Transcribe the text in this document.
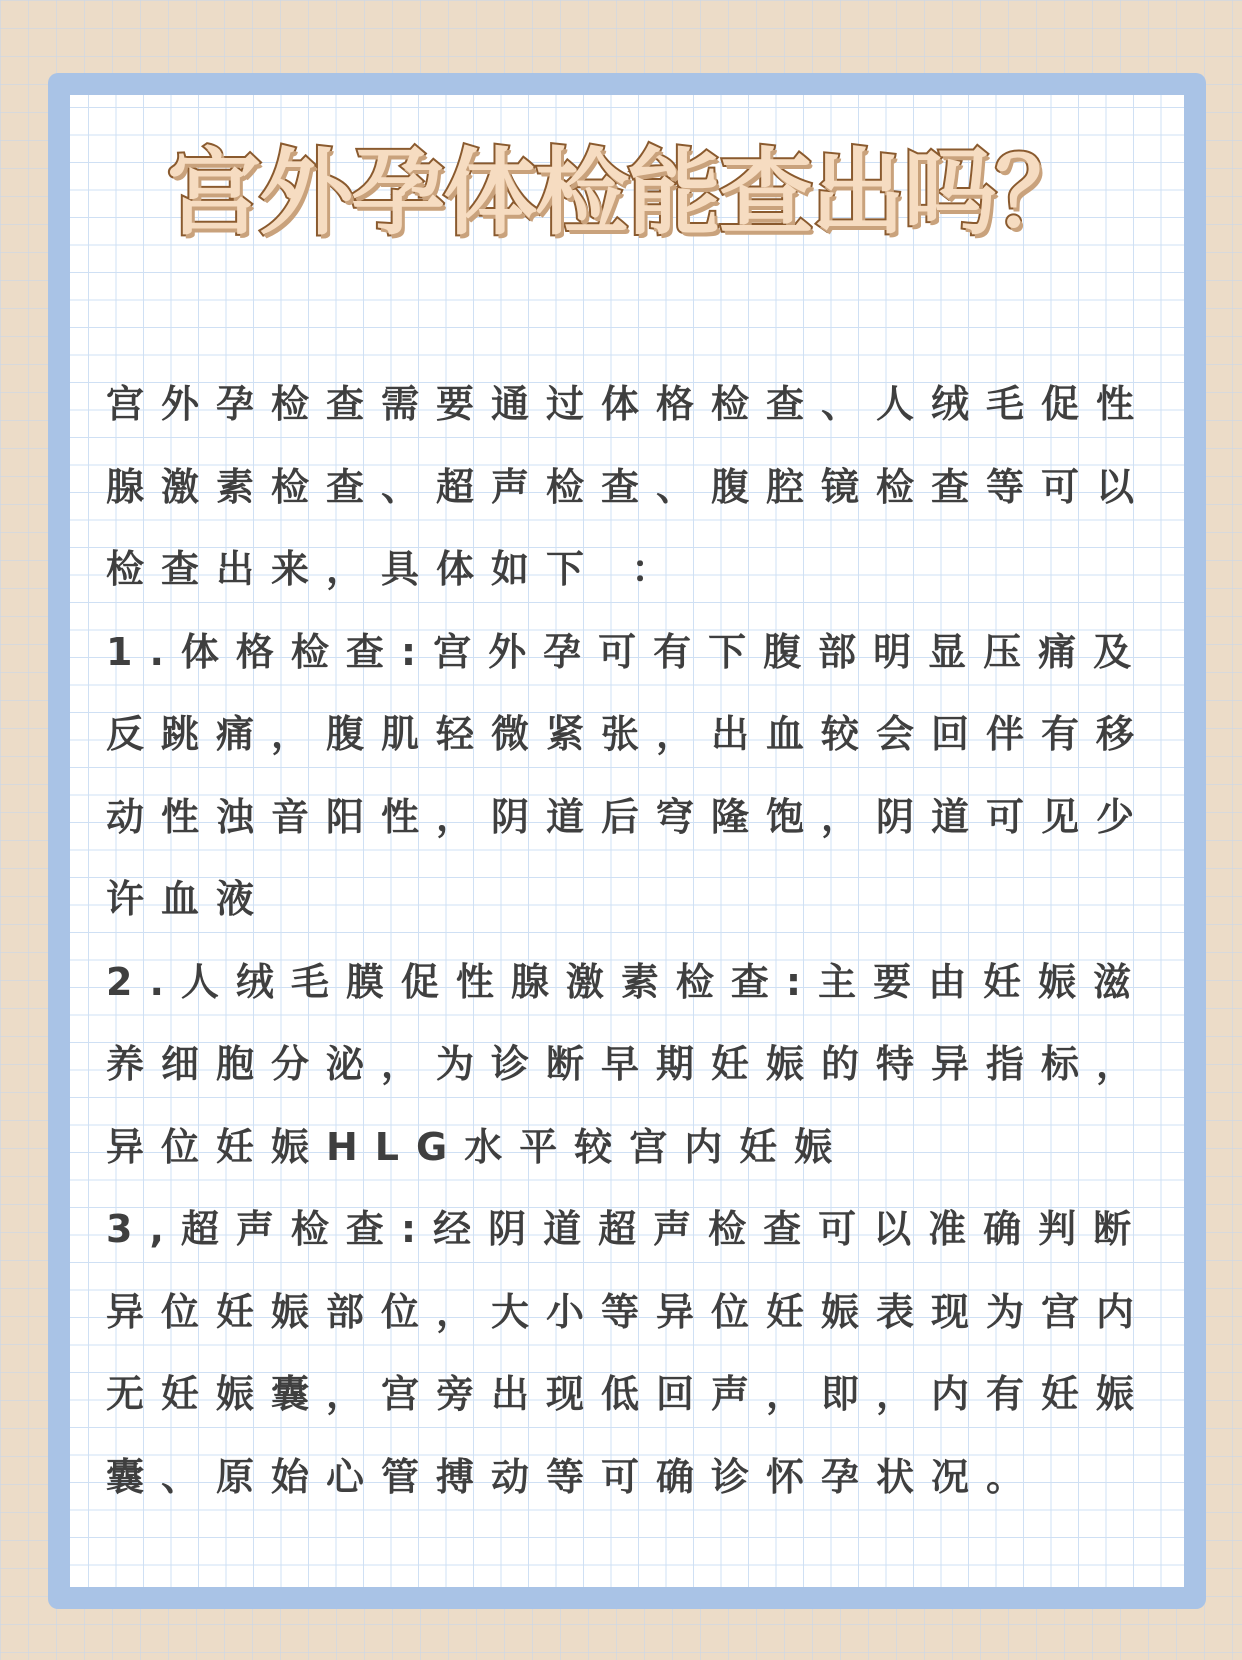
宫外孕体检能查出吗？

宫外孕检查需要通过体格检查、人绒毛促性腺激素检查、超声检查、腹腔镜检查等可以检查出来，具体如下 ：

1.体格检查:宫外孕可有下腹部明显压痛及反跳痛，腹肌轻微紧张，出血较会回伴有移动性浊音阳性，阴道后穹隆饱，阴道可见少许血液

2.人绒毛膜促性腺激素检查:主要由妊娠滋养细胞分泌，为诊断早期妊娠的特异指标，异位妊娠HLG水平较宫内妊娠

3,超声检查:经阴道超声检查可以准确判断异位妊娠部位，大小等异位妊娠表现为宫内无妊娠囊，宫旁出现低回声，即，内有妊娠囊、原始心管搏动等可确诊怀孕状况。
